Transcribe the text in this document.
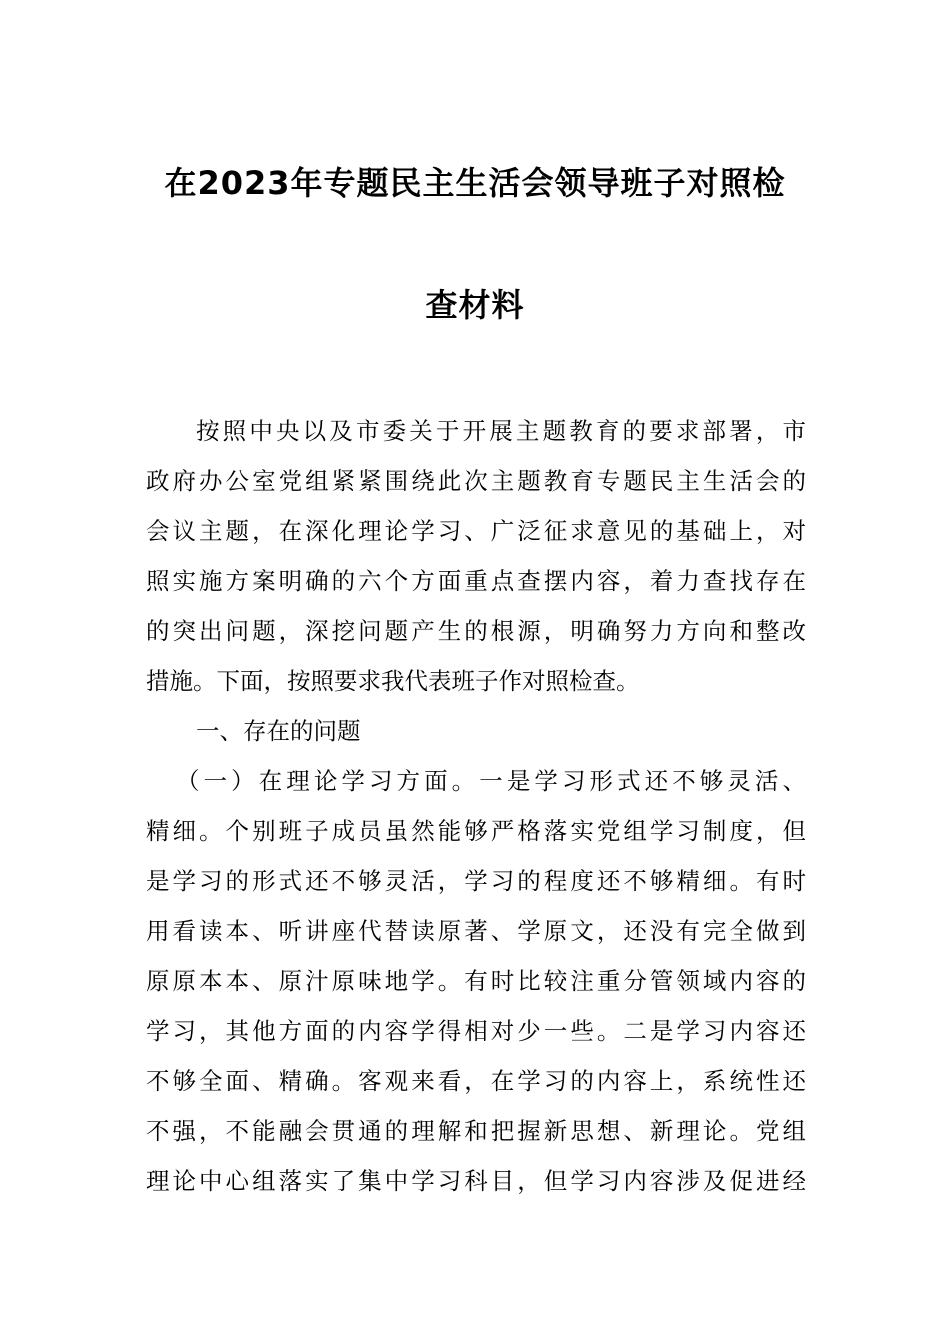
在2023年专题民主生活会领导班子对照检
查材料
按照中央以及市委关于开展主题教育的要求部署，市
政府办公室党组紧紧围绕此次主题教育专题民主生活会的
会议主题，在深化理论学习、广泛征求意见的基础上，对
照实施方案明确的六个方面重点查摆内容，着力查找存在
的突出问题，深挖问题产生的根源，明确努力方向和整改
措施。下面，按照要求我代表班子作对照检查。
一、存在的问题
（一）在理论学习方面。一是学习形式还不够灵活、
精细。个别班子成员虽然能够严格落实党组学习制度，但
是学习的形式还不够灵活，学习的程度还不够精细。有时
用看读本、听讲座代替读原著、学原文，还没有完全做到
原原本本、原汁原味地学。有时比较注重分管领域内容的
学习，其他方面的内容学得相对少一些。二是学习内容还
不够全面、精确。客观来看，在学习的内容上，系统性还
不强，不能融会贯通的理解和把握新思想、新理论。党组
理论中心组落实了集中学习科目，但学习内容涉及促进经
